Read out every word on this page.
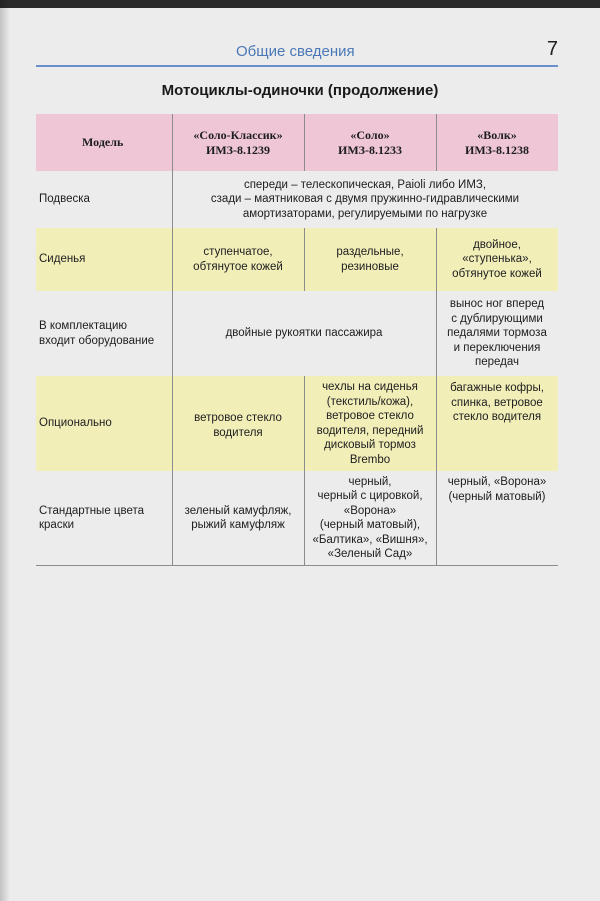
Общие сведения	7
Мотоциклы-одиночки (продолжение)
Модель
«Соло-Классик»
ИМЗ-8.1239
«Соло»
ИМЗ-8.1233
«Волк»
ИМЗ-8.1238
Подвеска
спереди – телескопическая, Paioli либо ИМЗ,
сзади – маятниковая с двумя пружинно-гидравлическими
амортизаторами, регулируемыми по нагрузке
Сиденья
ступенчатое,
обтянутое кожей
раздельные,
резиновые
двойное,
«ступенька»,
обтянутое кожей
В комплектацию
входит оборудование
двойные рукоятки пассажира
вынос ног вперед
с дублирующими
педалями тормоза
и переключения
передач
Опционально	ветровое стекло
водителя
чехлы на сиденья
(текстиль/кожа),
ветровое стекло
водителя, передний
дисковый тормоз
Brembo
багажные кофры,
спинка, ветровое
стекло водителя
Стандартные цвета
краски
зеленый камуфляж,
рыжий камуфляж
черный,
черный с цировкой,
«Ворона»
(черный матовый),
«Балтика», «Вишня»,
«Зеленый Сад»
черный, «Ворона»
(черный матовый)
